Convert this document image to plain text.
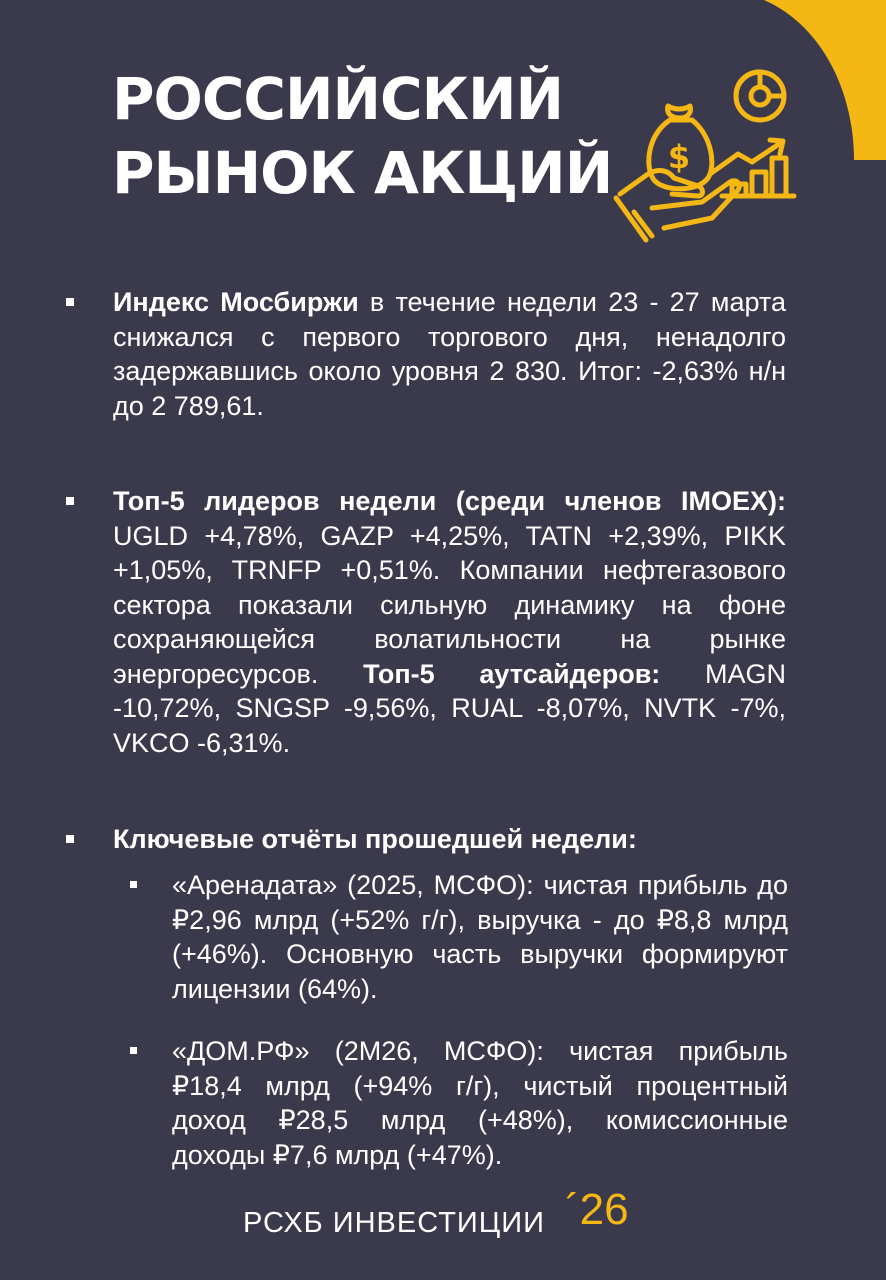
РОССИЙСКИЙ
РЫНОК АКЦИЙ $
Индекс Мосбиржи в течение недели 23 - 27 марта снижался с первого торгового дня, ненадолго задержавшись около уровня 2 830. Итог: -2,63% н/н до 2 789,61.
Топ-5 лидеров недели (среди членов IMOEX): UGLD +4,78%, GAZP +4,25%, TATN +2,39%, PIKK +1,05%, TRNFP +0,51%. Компании нефтегазового сектора показали сильную динамику на фоне сохраняющейся волатильности на рынке энергоресурсов. Топ-5 аутсайдеров: MAGN -10,72%, SNGSP -9,56%, RUAL -8,07%, NVTK -7%, VKCO -6,31%.
Ключевые отчёты прошедшей недели:
«Аренадата» (2025, МСФО): чистая прибыль до ₽2,96 млрд (+52% г/г), выручка - до ₽8,8 млрд (+46%). Основную часть выручки формируют лицензии (64%).
«ДОМ.РФ» (2М26, МСФО): чистая прибыль ₽18,4 млрд (+94% г/г), чистый процентный доход ₽28,5 млрд (+48%), комиссионные доходы ₽7,6 млрд (+47%).
РСХБ ИНВЕСТИЦИИ ´26
